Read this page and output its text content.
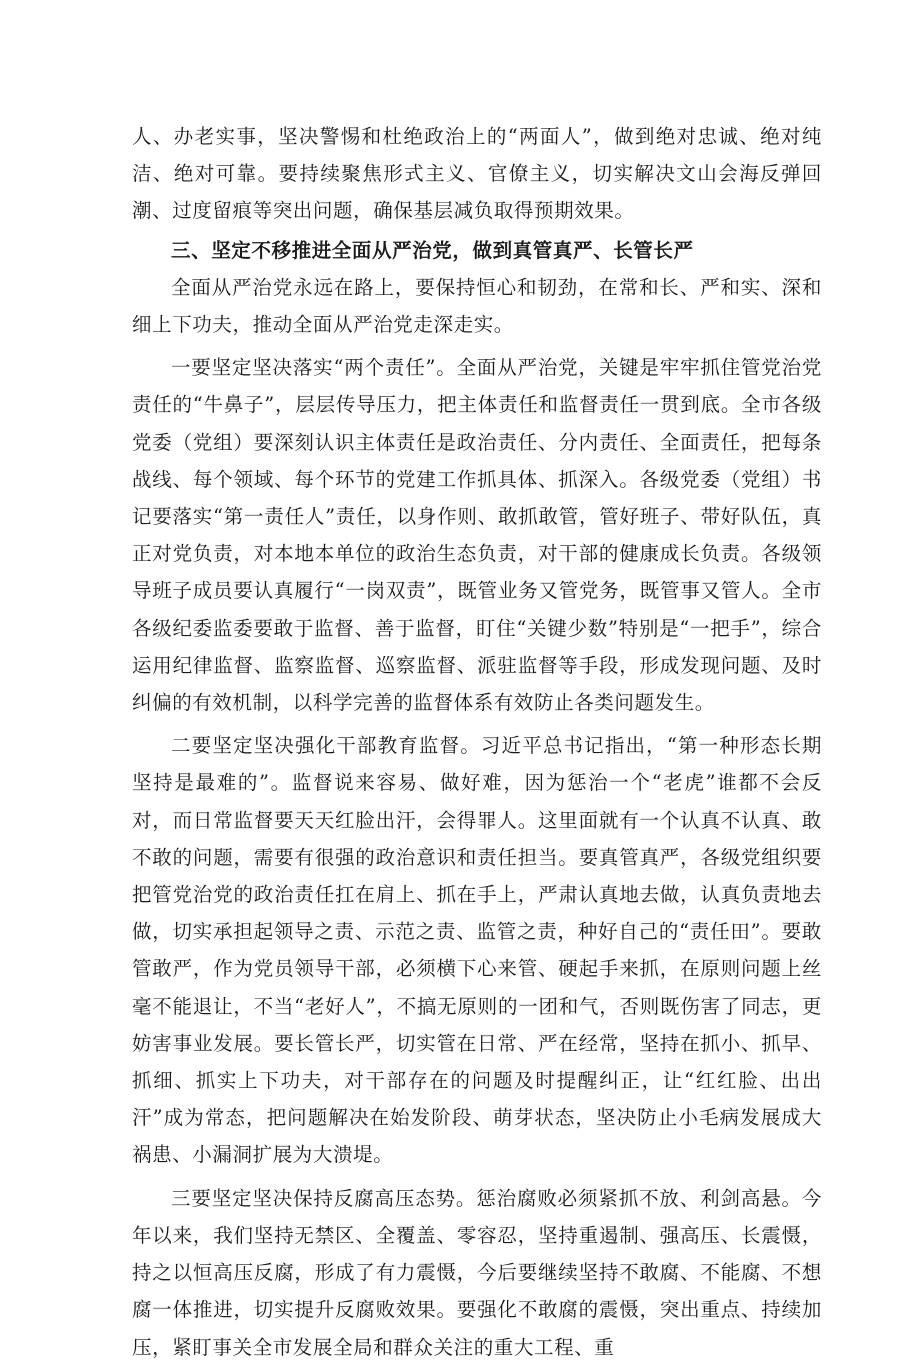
人、办老实事，坚决警惕和杜绝政治上的“两面人”，做到绝对忠诚、绝对纯洁、绝对可靠。要持续聚焦形式主义、官僚主义，切实解决文山会海反弹回潮、过度留痕等突出问题，确保基层减负取得预期效果。

三、坚定不移推进全面从严治党，做到真管真严、长管长严

全面从严治党永远在路上，要保持恒心和韧劲，在常和长、严和实、深和细上下功夫，推动全面从严治党走深走实。

一要坚定坚决落实“两个责任”。全面从严治党，关键是牢牢抓住管党治党责任的“牛鼻子”，层层传导压力，把主体责任和监督责任一贯到底。全市各级党委（党组）要深刻认识主体责任是政治责任、分内责任、全面责任，把每条战线、每个领域、每个环节的党建工作抓具体、抓深入。各级党委（党组）书记要落实“第一责任人”责任，以身作则、敢抓敢管，管好班子、带好队伍，真正对党负责，对本地本单位的政治生态负责，对干部的健康成长负责。各级领导班子成员要认真履行“一岗双责”，既管业务又管党务，既管事又管人。全市各级纪委监委要敢于监督、善于监督，盯住“关键少数”特别是“一把手”，综合运用纪律监督、监察监督、巡察监督、派驻监督等手段，形成发现问题、及时纠偏的有效机制，以科学完善的监督体系有效防止各类问题发生。

二要坚定坚决强化干部教育监督。习近平总书记指出，“第一种形态长期坚持是最难的”。监督说来容易、做好难，因为惩治一个“老虎”谁都不会反对，而日常监督要天天红脸出汗，会得罪人。这里面就有一个认真不认真、敢不敢的问题，需要有很强的政治意识和责任担当。要真管真严，各级党组织要把管党治党的政治责任扛在肩上、抓在手上，严肃认真地去做，认真负责地去做，切实承担起领导之责、示范之责、监管之责，种好自己的“责任田”。要敢管敢严，作为党员领导干部，必须横下心来管、硬起手来抓，在原则问题上丝毫不能退让，不当“老好人”，不搞无原则的一团和气，否则既伤害了同志，更妨害事业发展。要长管长严，切实管在日常、严在经常，坚持在抓小、抓早、抓细、抓实上下功夫，对干部存在的问题及时提醒纠正，让“红红脸、出出汗”成为常态，把问题解决在始发阶段、萌芽状态，坚决防止小毛病发展成大祸患、小漏洞扩展为大溃堤。

三要坚定坚决保持反腐高压态势。惩治腐败必须紧抓不放、利剑高悬。今年以来，我们坚持无禁区、全覆盖、零容忍，坚持重遏制、强高压、长震慑，持之以恒高压反腐，形成了有力震慑，今后要继续坚持不敢腐、不能腐、不想腐一体推进，切实提升反腐败效果。要强化不敢腐的震慑，突出重点、持续加压，紧盯事关全市发展全局和群众关注的重大工程、重
